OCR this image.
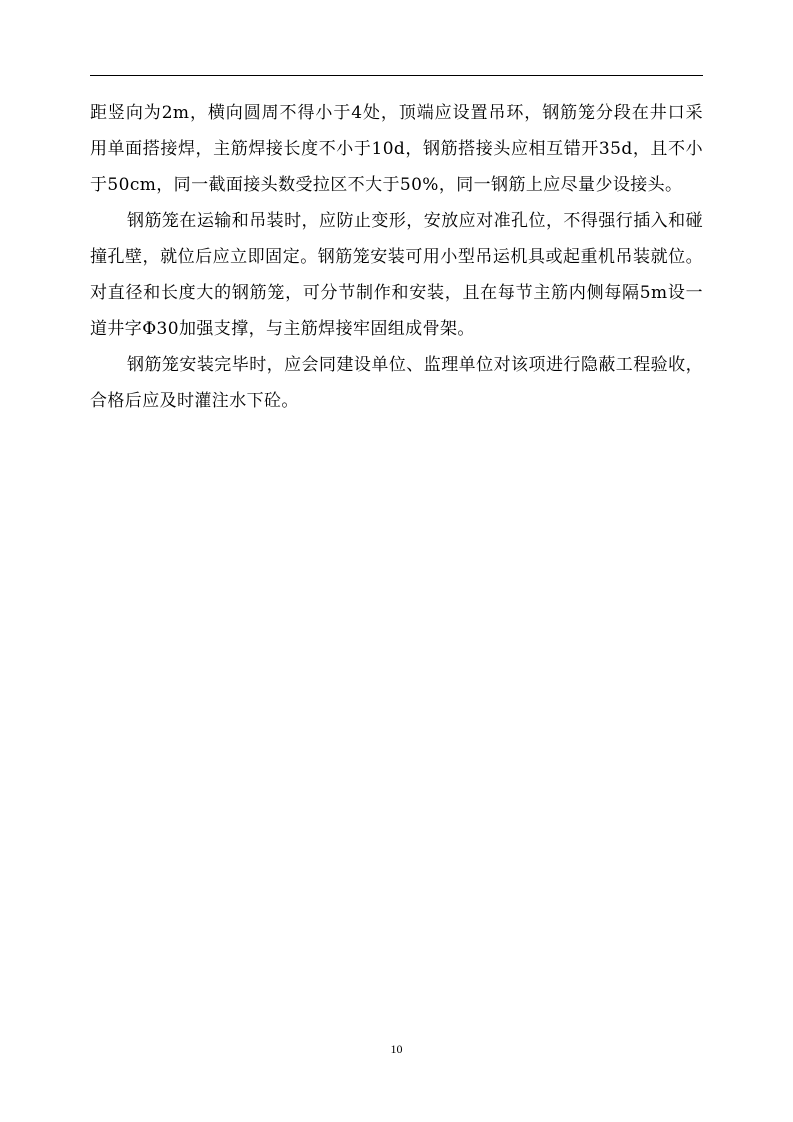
距竖向为2m，横向圆周不得小于4处，顶端应设置吊环，钢筋笼分段在井口采用单面搭接焊，主筋焊接长度不小于10d，钢筋搭接头应相互错开35d，且不小于50cm，同一截面接头数受拉区不大于50%，同一钢筋上应尽量少设接头。

钢筋笼在运输和吊装时，应防止变形，安放应对准孔位，不得强行插入和碰撞孔壁，就位后应立即固定。钢筋笼安装可用小型吊运机具或起重机吊装就位。对直径和长度大的钢筋笼，可分节制作和安装，且在每节主筋内侧每隔5m设一道井字Φ30加强支撑，与主筋焊接牢固组成骨架。

钢筋笼安装完毕时，应会同建设单位、监理单位对该项进行隐蔽工程验收，合格后应及时灌注水下砼。

10
